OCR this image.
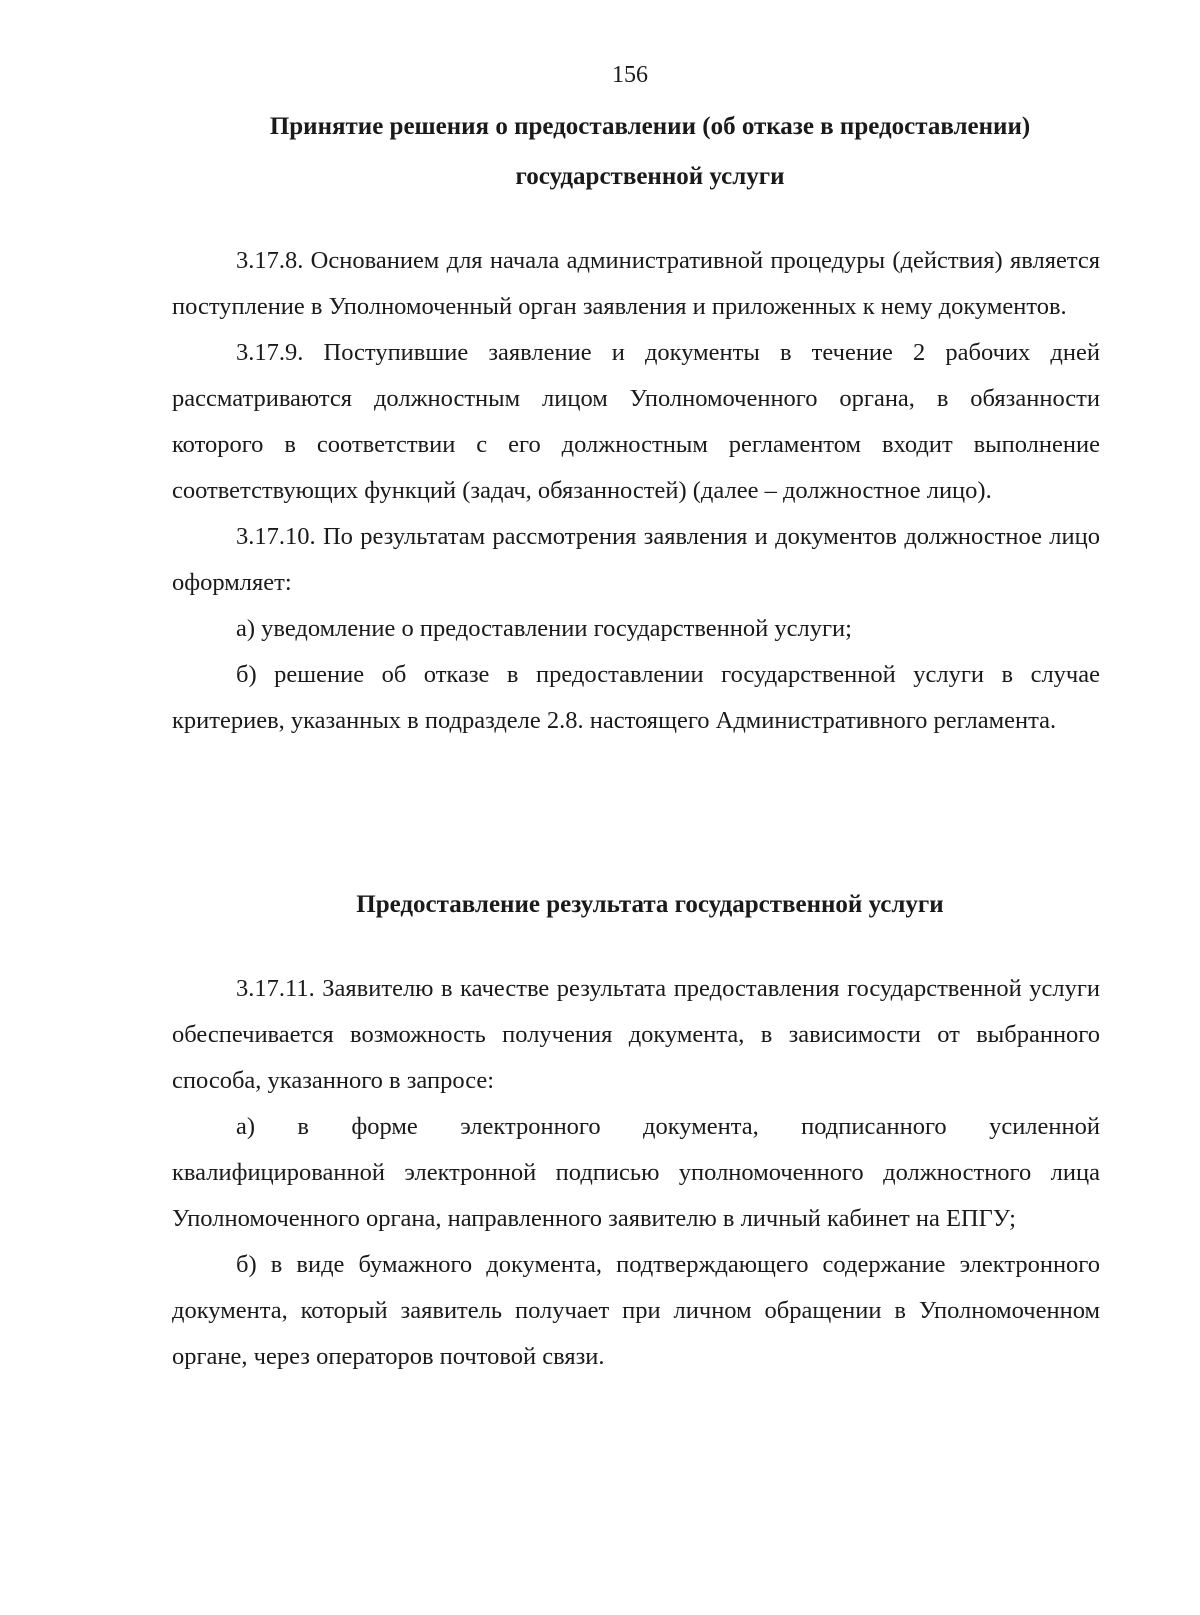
156
Принятие решения о предоставлении (об отказе в предоставлении)
государственной услуги

3.17.8. Основанием для начала административной процедуры (действия) является поступление в Уполномоченный орган заявления и приложенных к нему документов.

3.17.9. Поступившие заявление и документы в течение 2 рабочих дней рассматриваются должностным лицом Уполномоченного органа, в обязанности которого в соответствии с его должностным регламентом входит выполнение соответствующих функций (задач, обязанностей) (далее – должностное лицо).

3.17.10. По результатам рассмотрения заявления и документов должностное лицо оформляет:

а) уведомление о предоставлении государственной услуги;

б) решение об отказе в предоставлении государственной услуги в случае критериев, указанных в подразделе 2.8. настоящего Административного регламента.

Предоставление результата государственной услуги

3.17.11. Заявителю в качестве результата предоставления государственной услуги обеспечивается возможность получения документа, в зависимости от выбранного способа, указанного в запросе:

а) в форме электронного документа, подписанного усиленной квалифицированной электронной подписью уполномоченного должностного лица Уполномоченного органа, направленного заявителю в личный кабинет на ЕПГУ;

б) в виде бумажного документа, подтверждающего содержание электронного документа, который заявитель получает при личном обращении в Уполномоченном органе, через операторов почтовой связи.
